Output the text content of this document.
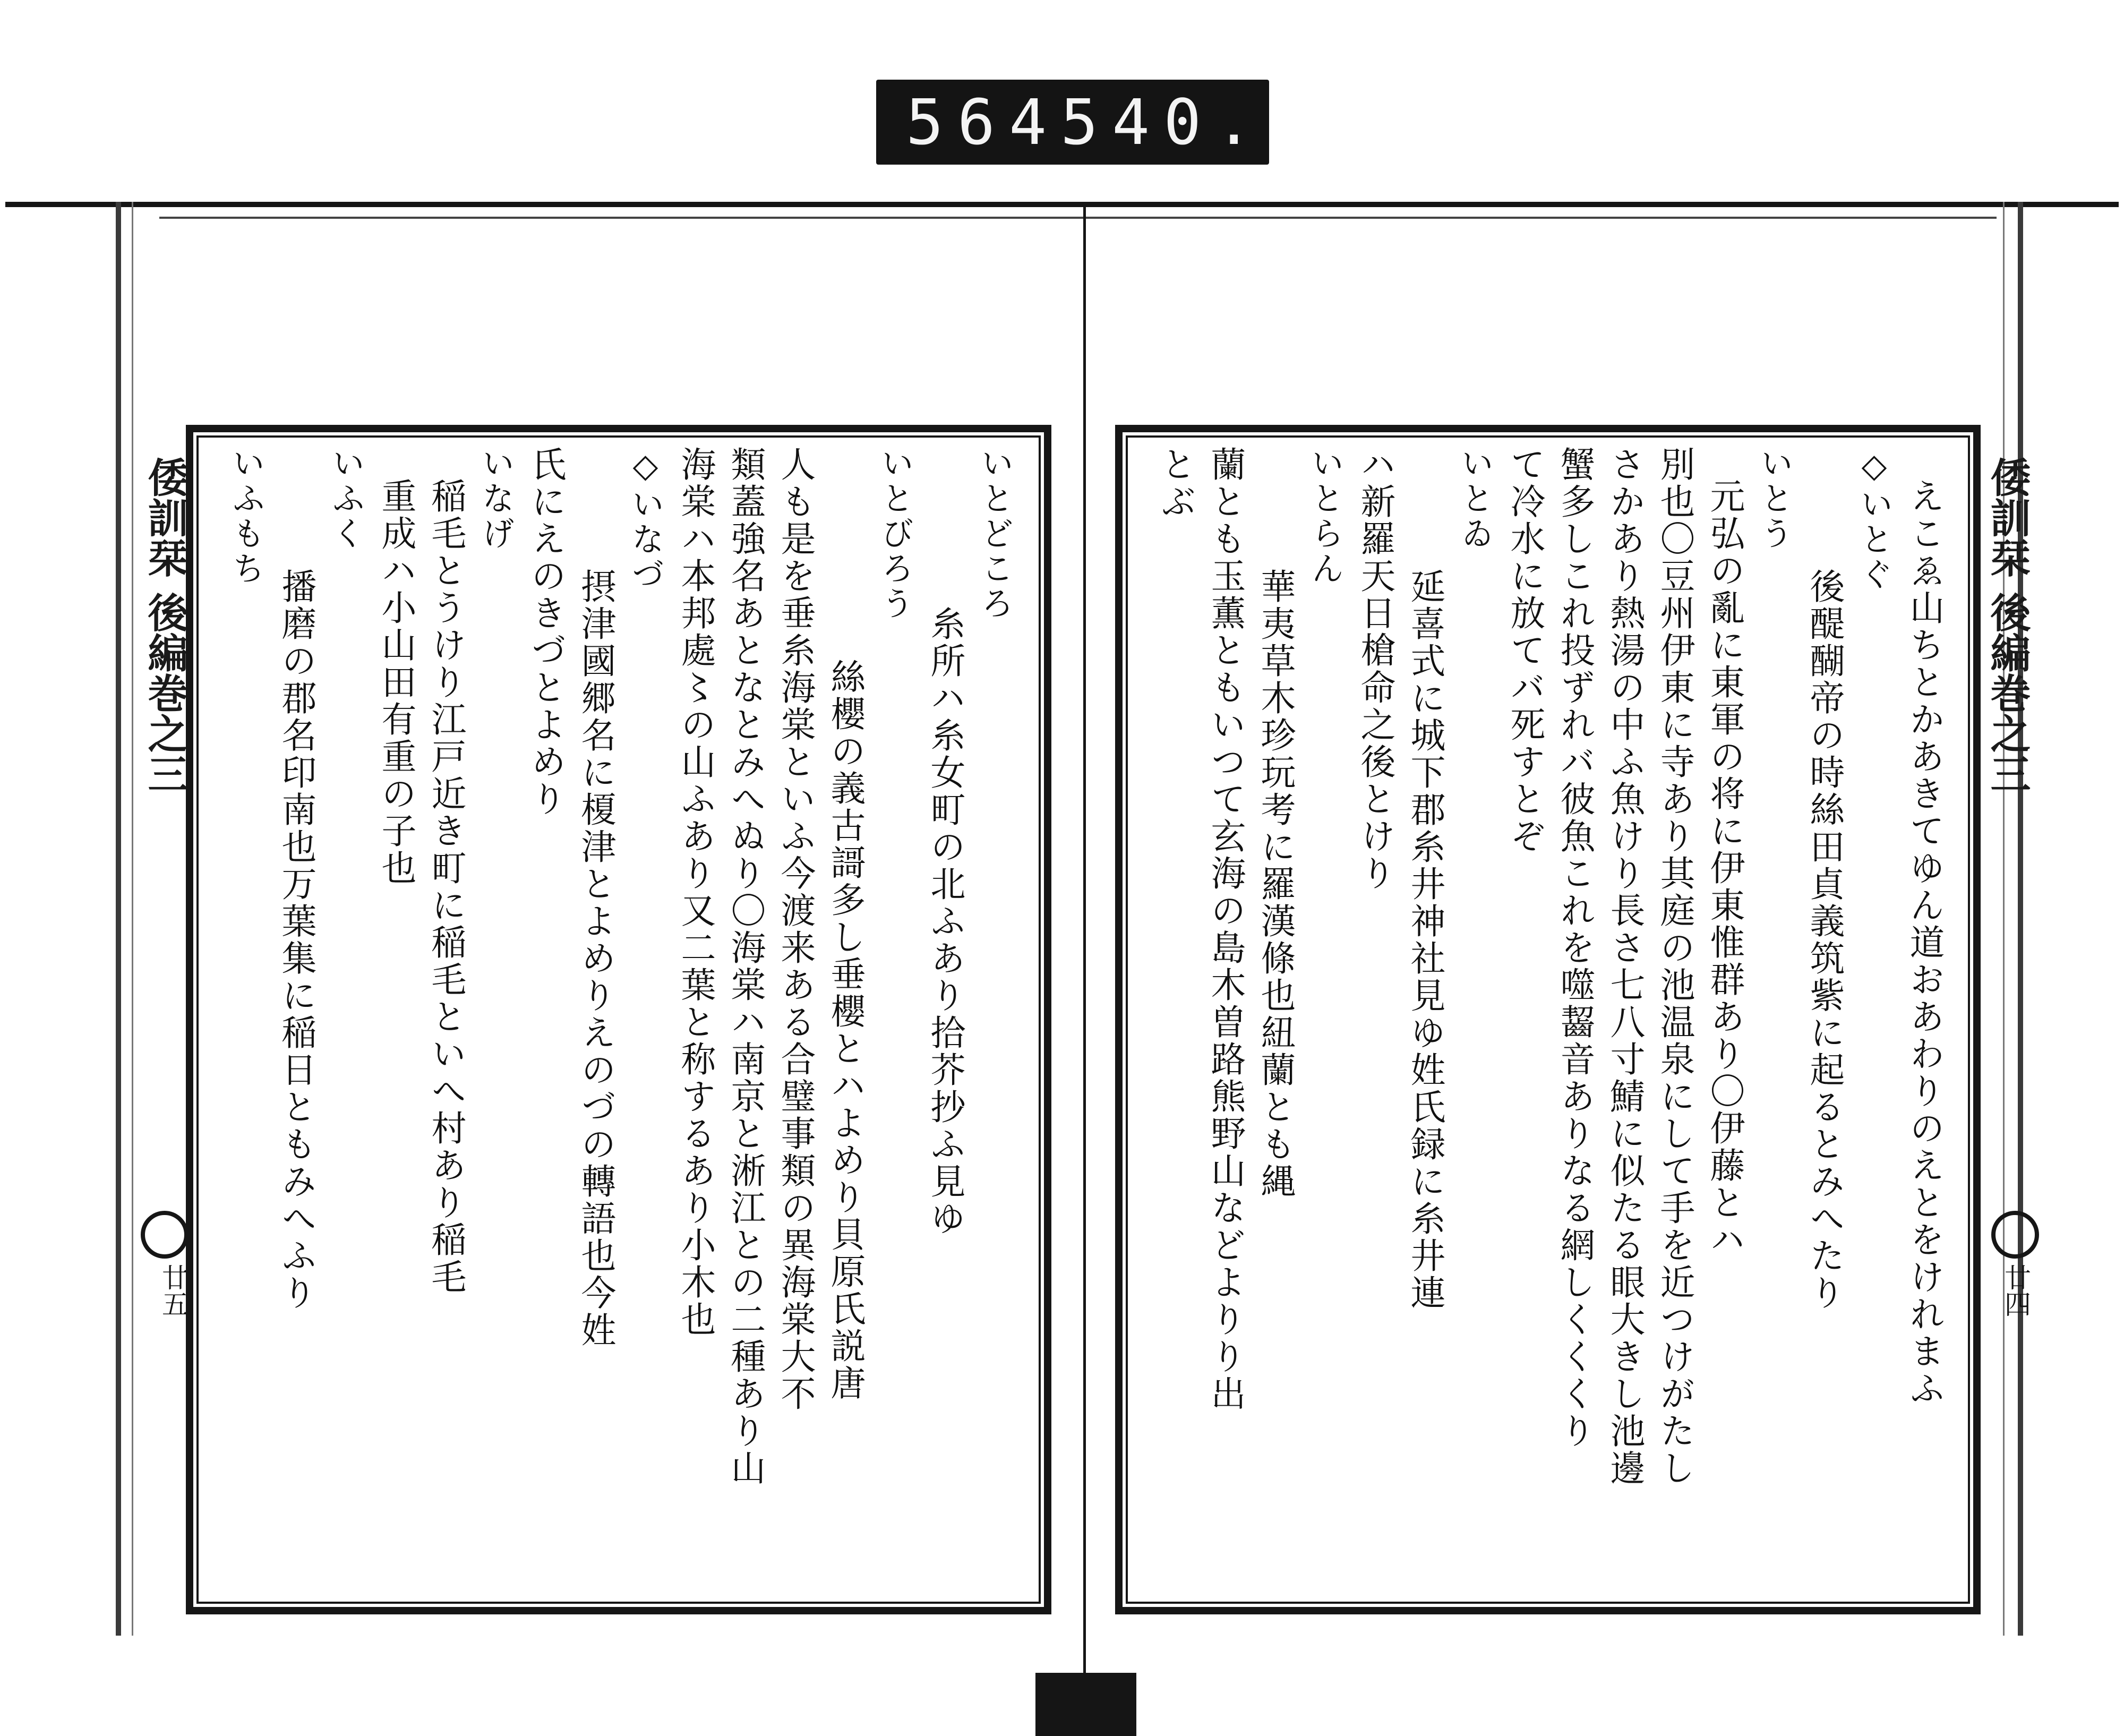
564 540.
倭訓栞 後編巻之三
廿五

いとどころ

糸所ハ糸女町の北ふあり拾芥抄ふ見ゆ

いとびろう

絲櫻の義古謌多し垂櫻とハよめり貝原氏説唐

人も是を垂糸海棠といふ今渡来ある合璧事類の異海棠大不

類蓋強名あとなとみへぬり〇海棠ハ南京と淅江との二種あり山

海棠ハ本邦處〻の山ふあり又二葉と称するあり小木也

◇いなづ

摂津國郷名に榎津とよめりえのづの轉語也今姓

氏にえのきづとよめり

いなげ

稲毛とうけり江戸近き町に稲毛といへ村あり稲毛

重成ハ小山田有重の子也

いふく

播磨の郡名印南也万葉集に稲日ともみへふり

いふもち	倭訓栞 後編巻之三
廿四

えこゑ山ちとかあきてゆん道おあわりのえとをけれまふ

◇いとぐ

後醍醐帝の時絲田貞義筑紫に起るとみへたり

いとう

元弘の亂に東軍の将に伊東惟群あり〇伊藤とハ

別也〇豆州伊東に寺あり其庭の池温泉にして手を近つけがたし

さかあり熱湯の中ふ魚けり長さ七八寸鯖に似たる眼大きし池邊

蟹多しこれ投ずれバ彼魚これを噬齧音ありなる網しくくくり

て冷水に放てバ死すとぞ

いとゐ

延喜式に城下郡糸井神社見ゆ姓氏録に糸井連

ハ新羅天日槍命之後とけり

いとらん

華夷草木珍玩考に羅漢條也紐蘭とも縄

蘭とも玉薫ともいつて玄海の島木曽路熊野山などよりり出

とぶ
